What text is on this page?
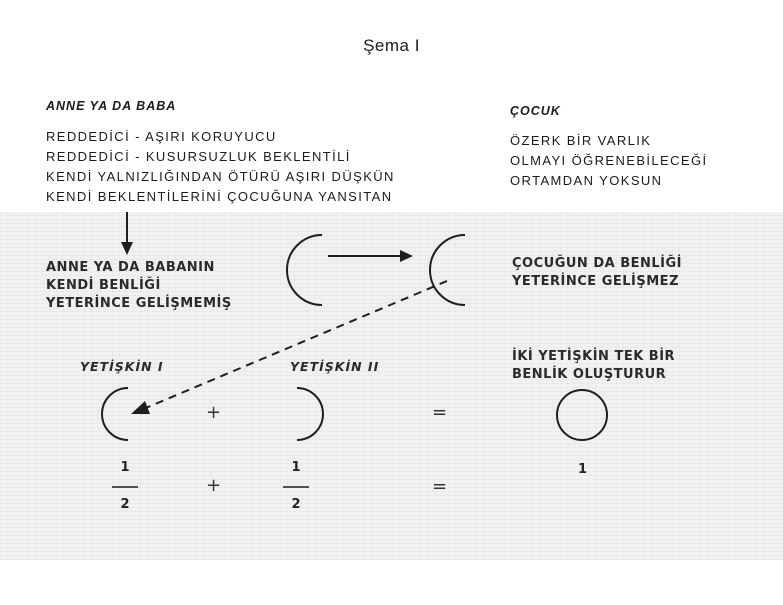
Şema I
ANNE YA DA BABA
REDDEDİCİ - AŞIRI KORUYUCU
REDDEDİCİ - KUSURSUZLUK BEKLENTİLİ
KENDİ YALNIZLIĞINDAN ÖTÜRÜ AŞIRI DÜŞKÜN
KENDİ BEKLENTİLERİNİ ÇOCUĞUNA YANSITAN
ÇOCUK
ÖZERK BİR VARLIK
OLMAYI ÖĞRENEBİLECEĞİ
ORTAMDAN YOKSUN
ANNE YA DA BABANIN
KENDİ BENLİĞİ
YETERİNCE GELİŞMEMİŞ
ÇOCUĞUN DA BENLİĞİ
YETERİNCE GELİŞMEZ
İKİ YETİŞKİN TEK BİR
BENLİK OLUŞTURUR
YETİŞKİN I	YETİŞKİN II
+	=
1
2
+
1
2
=
1
